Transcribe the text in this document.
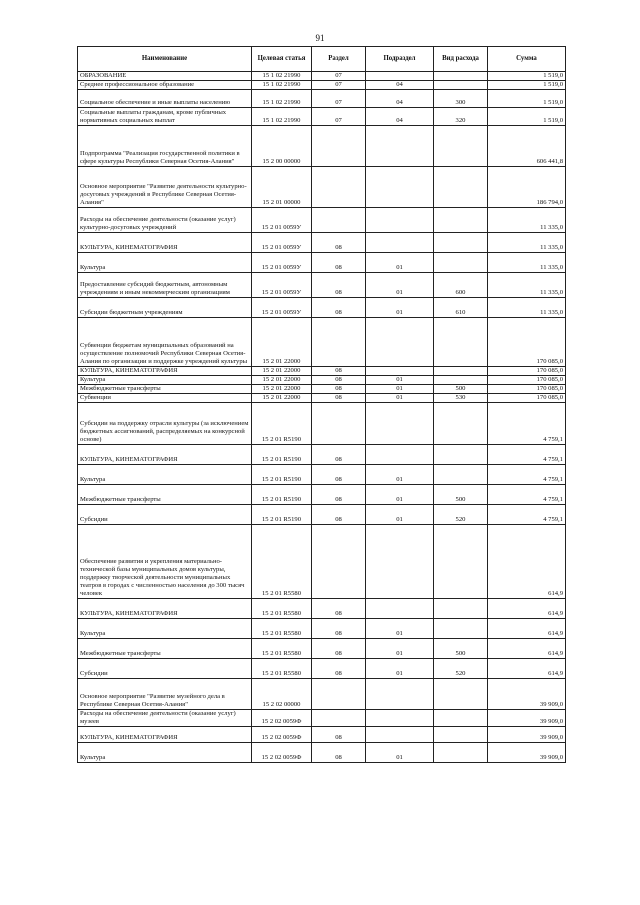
91
Наименование	Целевая статья	Раздел	Подраздел	Вид расхода	Сумма
ОБРАЗОВАНИЕ	15 1 02 21990	07			1 519,0
Среднее профессиональное образование	15 1 02 21990	07	04		1 519,0
Социальное обеспечение и иные выплаты населению	15 1 02 21990	07	04	300	1 519,0
Социальные выплаты гражданам, кроме публичных нормативных социальных выплат	15 1 02 21990	07	04	320	1 519,0
Подпрограмма "Реализация государственной политики в сфере культуры Республики Северная Осетия-Алания"	15 2 00 00000				606 441,8
Основное мероприятие "Развитие деятельности культурно-досуговых учреждений в Республике Северная Осетия-Алания"	15 2 01 00000				186 794,0
Расходы на обеспечение деятельности (оказание услуг) культурно-досуговых учреждений	15 2 01 0059У				11 335,0
КУЛЬТУРА, КИНЕМАТОГРАФИЯ	15 2 01 0059У	08			11 335,0
Культура	15 2 01 0059У	08	01		11 335,0
Предоставление субсидий бюджетным, автономным учреждениям и иным некоммерческим организациям	15 2 01 0059У	08	01	600	11 335,0
Субсидии бюджетным учреждениям	15 2 01 0059У	08	01	610	11 335,0
Субвенции бюджетам муниципальных образований на осуществление полномочий Республики Северная Осетия-Алания по организации и поддержке учреждений культуры	15 2 01 22000				170 085,0
КУЛЬТУРА, КИНЕМАТОГРАФИЯ	15 2 01 22000	08			170 085,0
Культура	15 2 01 22000	08	01		170 085,0
Межбюджетные трансферты	15 2 01 22000	08	01	500	170 085,0
Субвенции	15 2 01 22000	08	01	530	170 085,0
Субсидии на поддержку отрасли культуры (за исключением бюджетных ассигнований, распределяемых на конкурсной основе)	15 2 01 R5190				4 759,1
КУЛЬТУРА, КИНЕМАТОГРАФИЯ	15 2 01 R5190	08			4 759,1
Культура	15 2 01 R5190	08	01		4 759,1
Межбюджетные трансферты	15 2 01 R5190	08	01	500	4 759,1
Субсидии	15 2 01 R5190	08	01	520	4 759,1
Обеспечение развития и укрепления материально-технической базы муниципальных домов культуры, поддержку творческой деятельности муниципальных театров в городах с численностью населения до 300 тысяч человек	15 2 01 R5580				614,9
КУЛЬТУРА, КИНЕМАТОГРАФИЯ	15 2 01 R5580	08			614,9
Культура	15 2 01 R5580	08	01		614,9
Межбюджетные трансферты	15 2 01 R5580	08	01	500	614,9
Субсидии	15 2 01 R5580	08	01	520	614,9
Основное мероприятие "Развитие музейного дела в Республике Северная Осетия-Алания"	15 2 02 00000				39 909,0
Расходы на обеспечение деятельности (оказание услуг) музеев	15 2 02 0059Ф				39 909,0
КУЛЬТУРА, КИНЕМАТОГРАФИЯ	15 2 02 0059Ф	08			39 909,0
Культура	15 2 02 0059Ф	08	01		39 909,0
